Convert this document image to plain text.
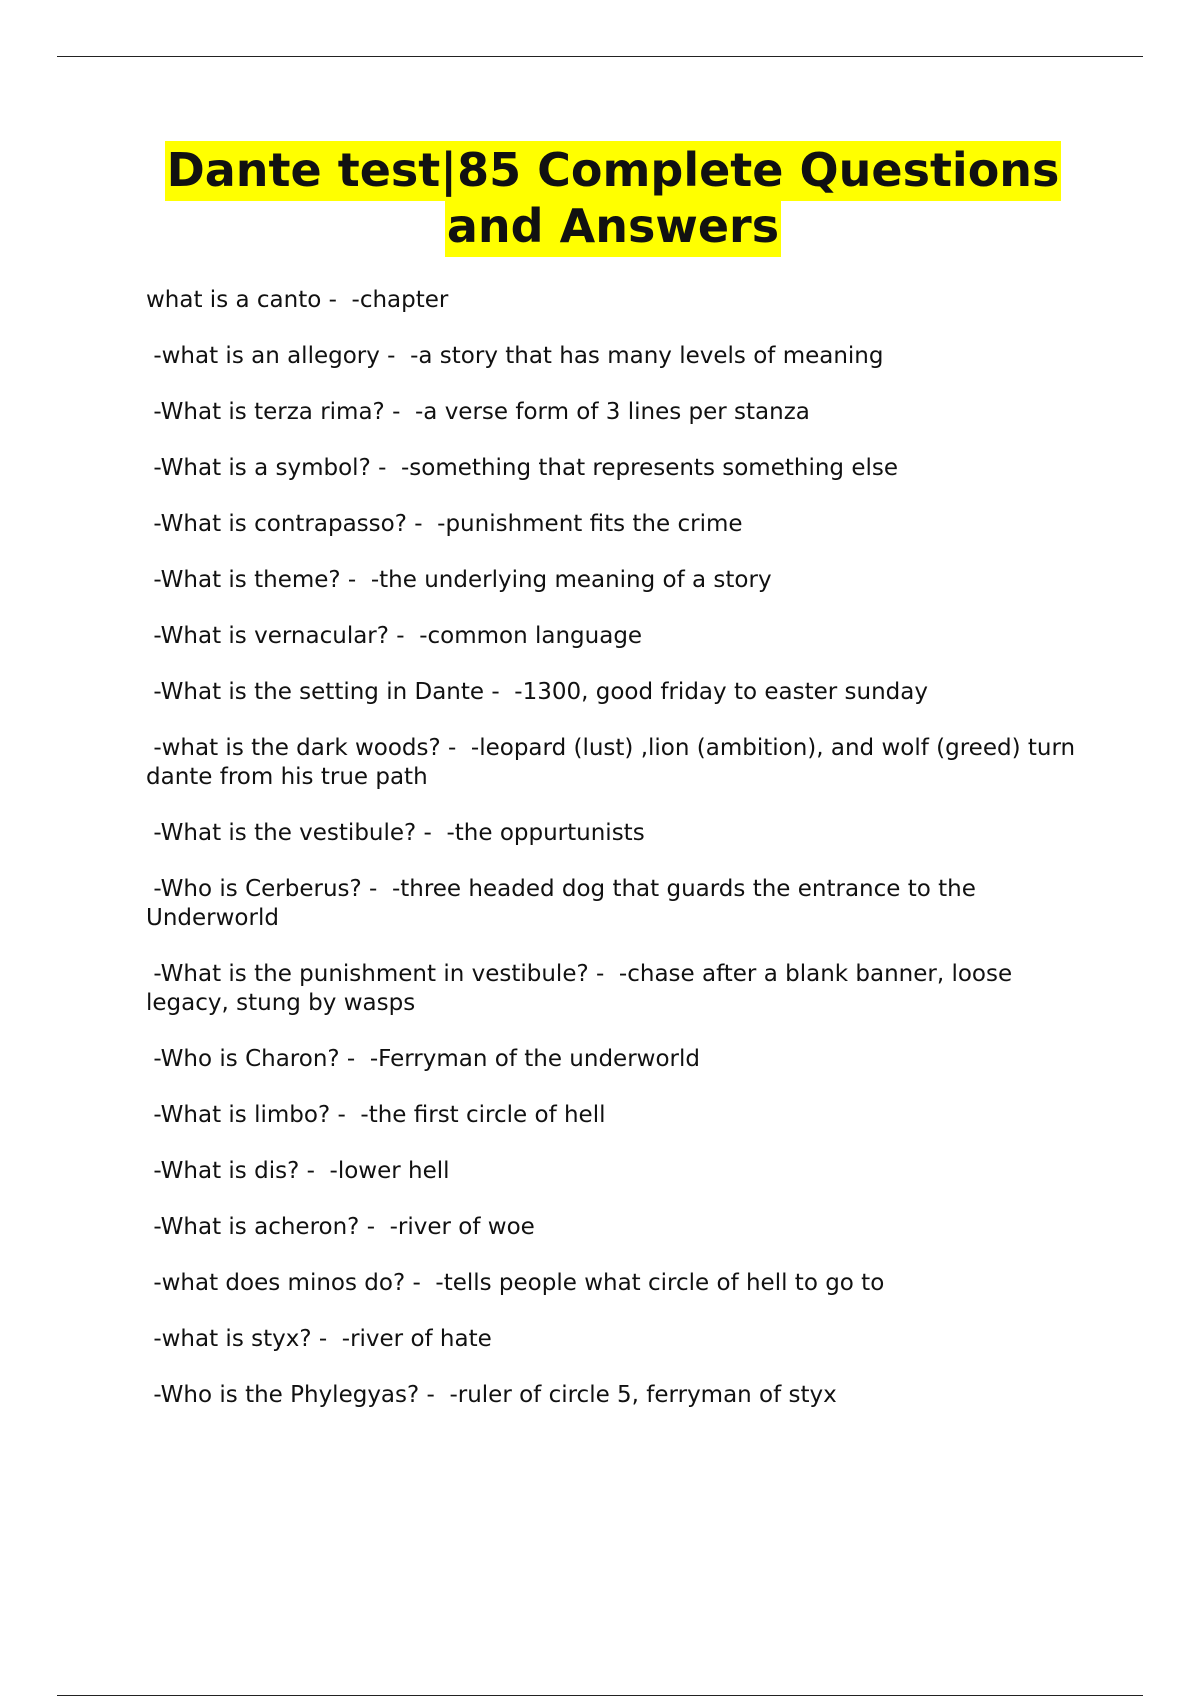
Dante test|85 Complete Questions and Answers
what is a canto -  -chapter
-what is an allegory -  -a story that has many levels of meaning
-What is terza rima? -  -a verse form of 3 lines per stanza
-What is a symbol? -  -something that represents something else
-What is contrapasso? -  -punishment fits the crime
-What is theme? -  -the underlying meaning of a story
-What is vernacular? -  -common language
-What is the setting in Dante -  -1300, good friday to easter sunday
-what is the dark woods? -  -leopard (lust) ,lion (ambition), and wolf (greed) turn dante from his true path
-What is the vestibule? -  -the oppurtunists
-Who is Cerberus? -  -three headed dog that guards the entrance to the Underworld
-What is the punishment in vestibule? -  -chase after a blank banner, loose legacy, stung by wasps
-Who is Charon? -  -Ferryman of the underworld
-What is limbo? -  -the first circle of hell
-What is dis? -  -lower hell
-What is acheron? -  -river of woe
-what does minos do? -  -tells people what circle of hell to go to
-what is styx? -  -river of hate
-Who is the Phylegyas? -  -ruler of circle 5, ferryman of styx
